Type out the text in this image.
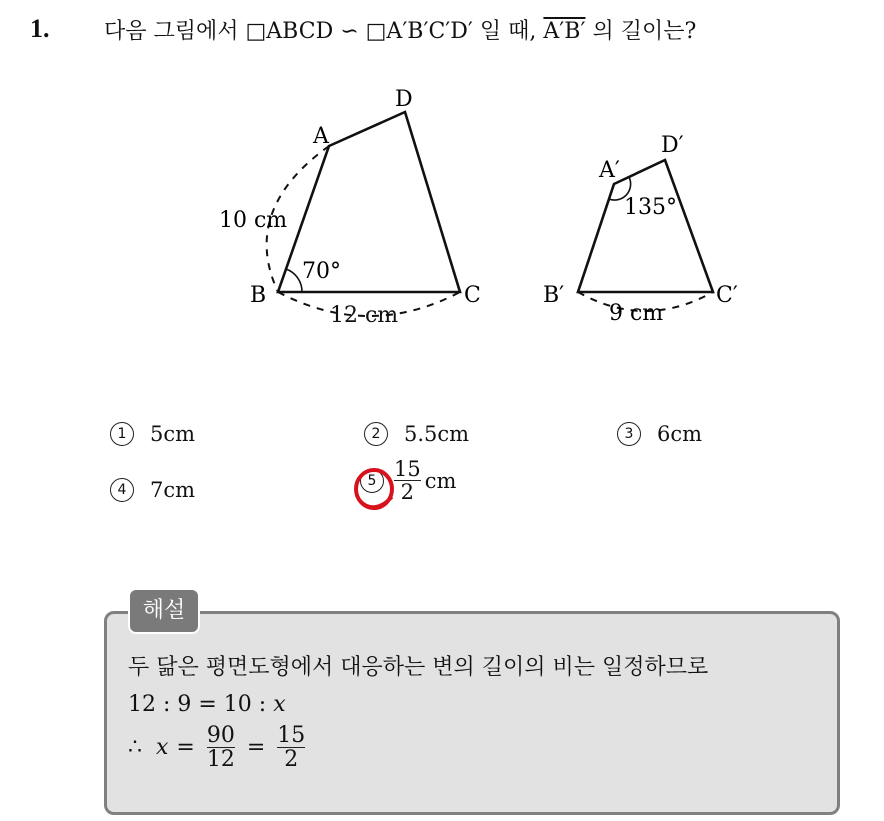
1. 다음 그림에서 □ABCD ∽ □A′B′C′D′ 일 때, A′B′ 의 길이는?
A
D
B	C
10 cm
12 cm
70°
A′
D′
B′	C′
9 cm
135°
1	5cm	2	5.5cm	3	6cm
4	7cm	$5 \frac{15}{2}$ cm
해설
두 닮은 평면도형에서 대응하는 변의 길이의 비는 일정하므로
12 : 9 = 10 : x
∴ $x = \frac{90}{12} = \frac{15}{2}$
